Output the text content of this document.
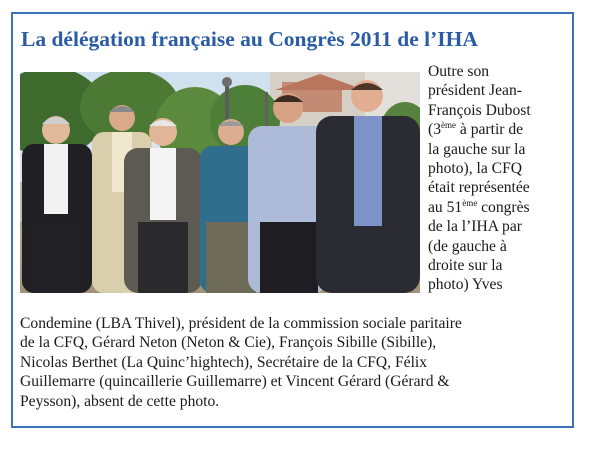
La délégation française au Congrès 2011 de l’IHA
Outre son
président Jean-
François Dubost
(3ème à partir de
la gauche sur la
photo), la CFQ
était représentée
au 51ème congrès
de la l’IHA par
(de gauche à
droite sur la
photo) Yves
Condemine (LBA Thivel), président de la commission sociale paritaire
de la CFQ, Gérard Neton (Neton & Cie), François Sibille (Sibille),
Nicolas Berthet (La Quinc’hightech), Secrétaire de la CFQ, Félix
Guillemarre (quincaillerie Guillemarre) et Vincent Gérard (Gérard &
Peysson), absent de cette photo.
